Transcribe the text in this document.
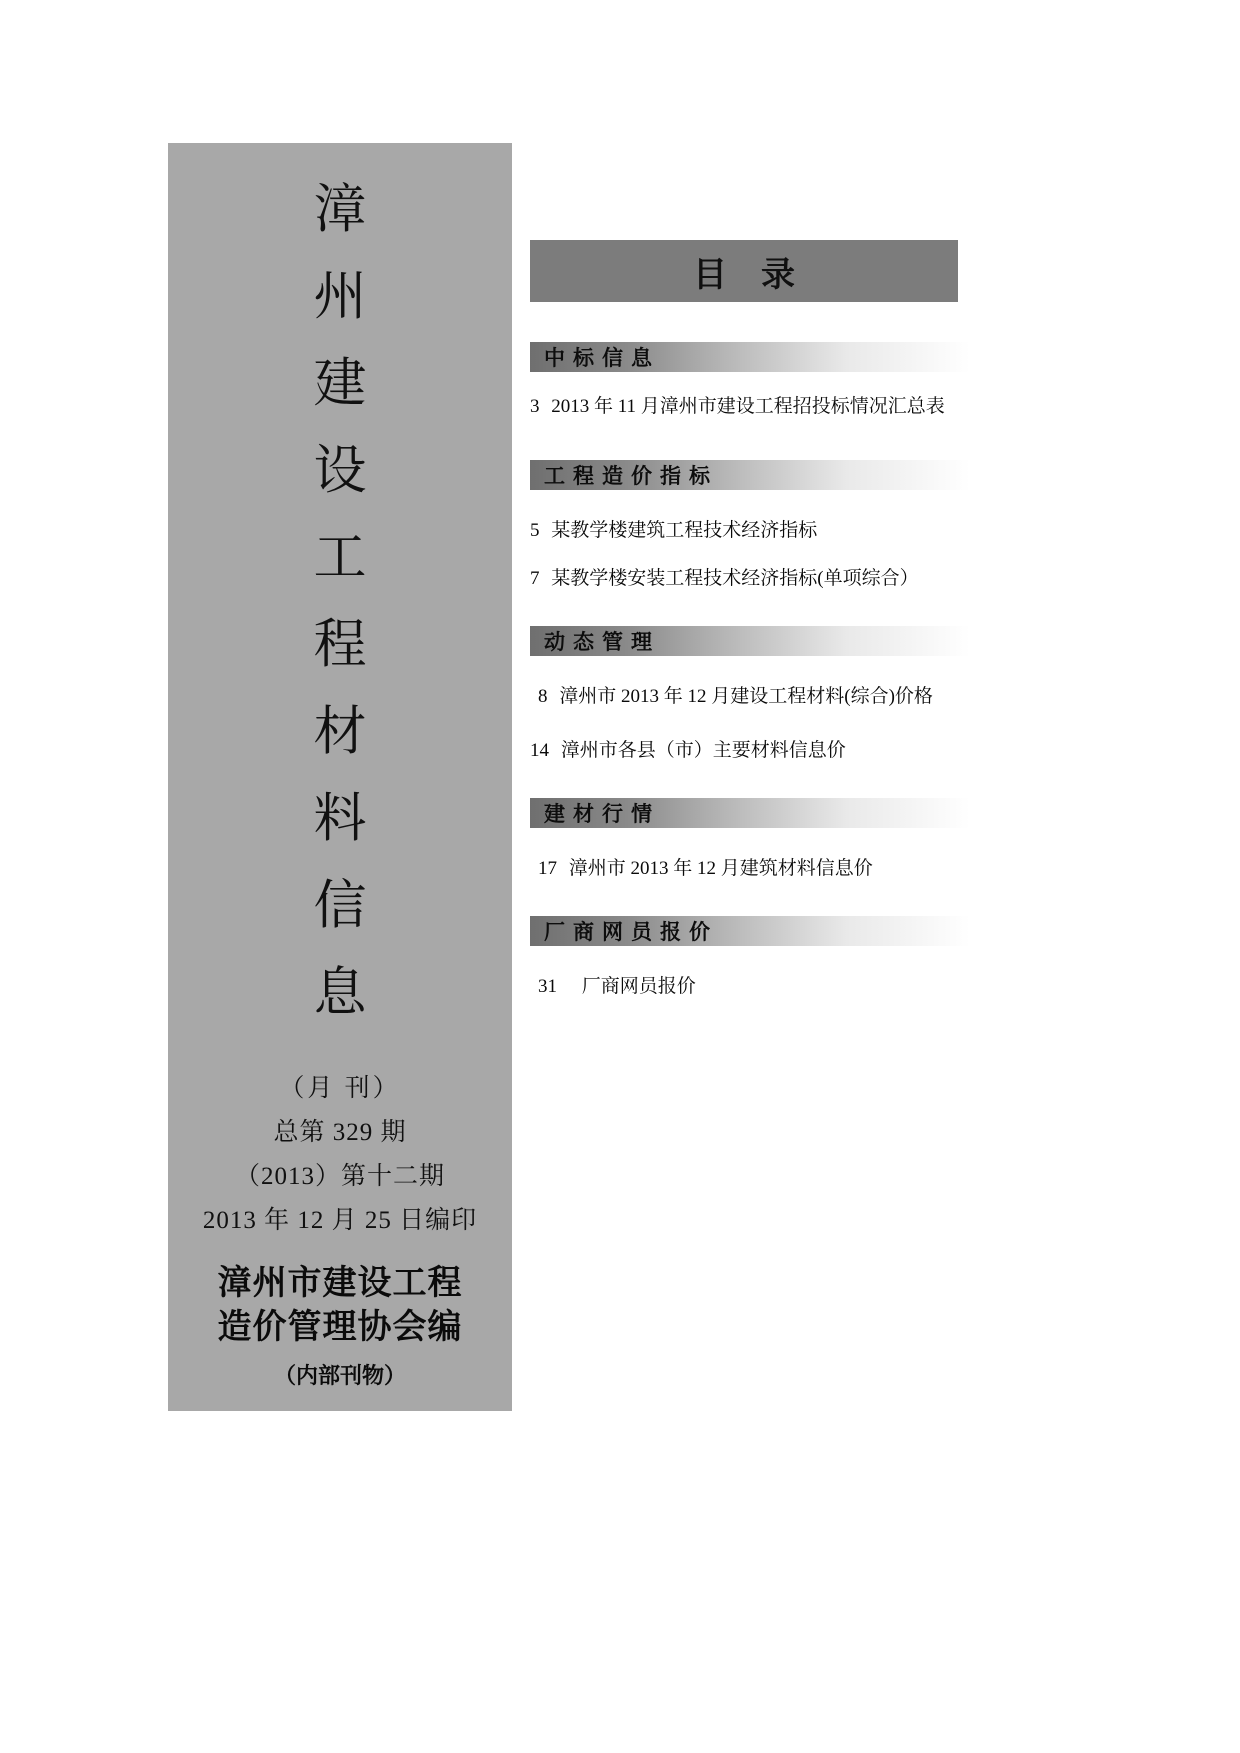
漳
州
建
设
工
程
材
料
信
息
（月 刊）
总第 329 期
（2013）第十二期
2013 年 12 月 25 日编印
漳州市建设工程
造价管理协会编
（内部刊物）
目录
中标信息
3 2013 年 11 月漳州市建设工程招投标情况汇总表
工程造价指标
5 某教学楼建筑工程技术经济指标
7 某教学楼安装工程技术经济指标(单项综合）
动态管理
8 漳州市 2013 年 12 月建设工程材料(综合)价格
14 漳州市各县（市）主要材料信息价
建材行情
17 漳州市 2013 年 12 月建筑材料信息价
厂商网员报价
31 厂商网员报价
